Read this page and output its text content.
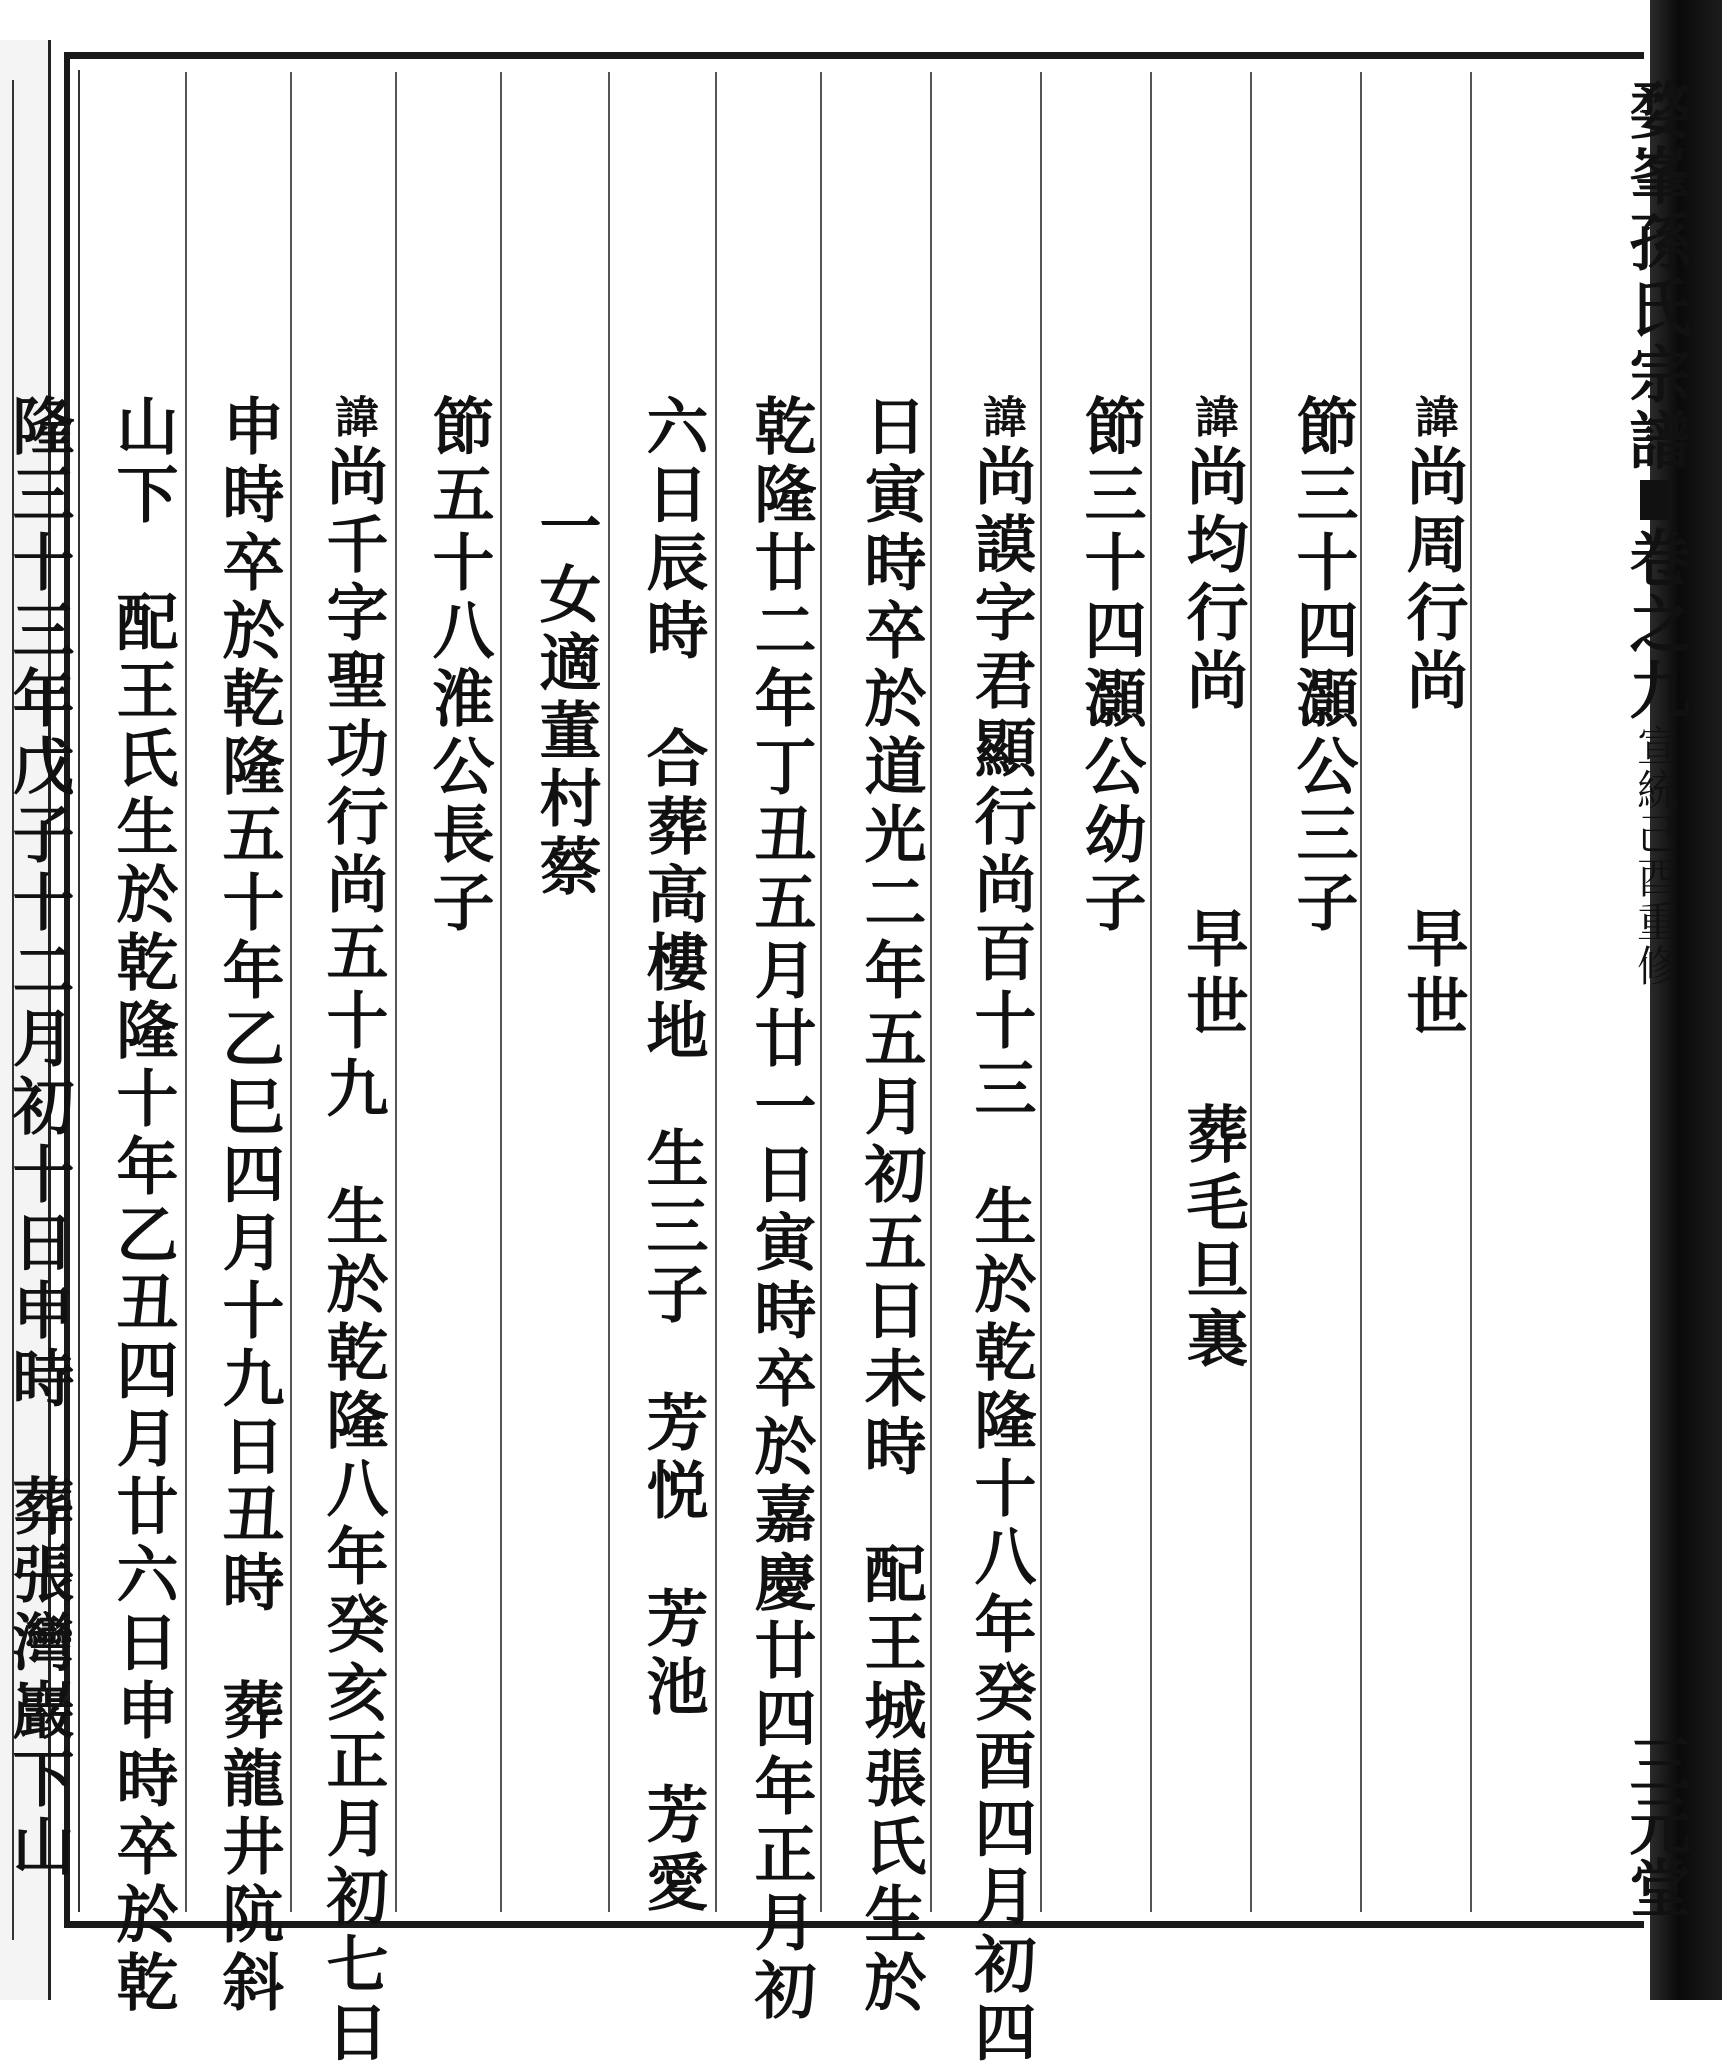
婺峯孫氏宗譜卷之九宣統己酉重修
三元堂

諱尚周行尚早世

節三十四灝公三子

諱尚均行尚早世葬毛旦裏

節三十四灝公幼子

諱尚謨字君顯行尚百十三生於乾隆十八年癸酉四月初四

日寅時卒於道光二年五月初五日未時配王城張氏生於

乾隆廿二年丁丑五月廿一日寅時卒於嘉慶廿四年正月初

六日辰時合葬高樓地生三子芳悦芳池芳愛

一女適董村蔡

節五十八淮公長子

諱尚千字聖功行尚五十九生於乾隆八年癸亥正月初七日

申時卒於乾隆五十年乙巳四月十九日丑時葬龍井阬斜

山下配王氏生於乾隆十年乙丑四月廿六日申時卒於乾

隆三十三年戊子十二月初十日申時葬張灣巖下山
